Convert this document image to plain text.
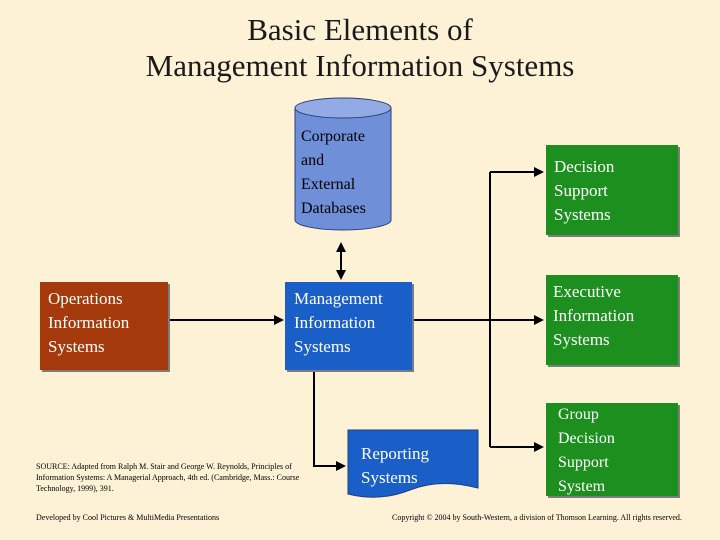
Basic Elements of
Management Information Systems
Corporate
and
External
Databases
Operations
Information
Systems
Management
Information
Systems
Decision
Support
Systems
Executive
Information
Systems
Group
Decision
Support
System
Reporting
Systems
SOURCE: Adapted from Ralph M. Stair and George W. Reynolds, Principles of Information Systems: A Managerial Approach, 4th ed. (Cambridge, Mass.: Course Technology, 1999), 391.
Developed by Cool Pictures & MultiMedia Presentations	Copyright © 2004 by South-Western, a division of Thomson Learning. All rights reserved.
